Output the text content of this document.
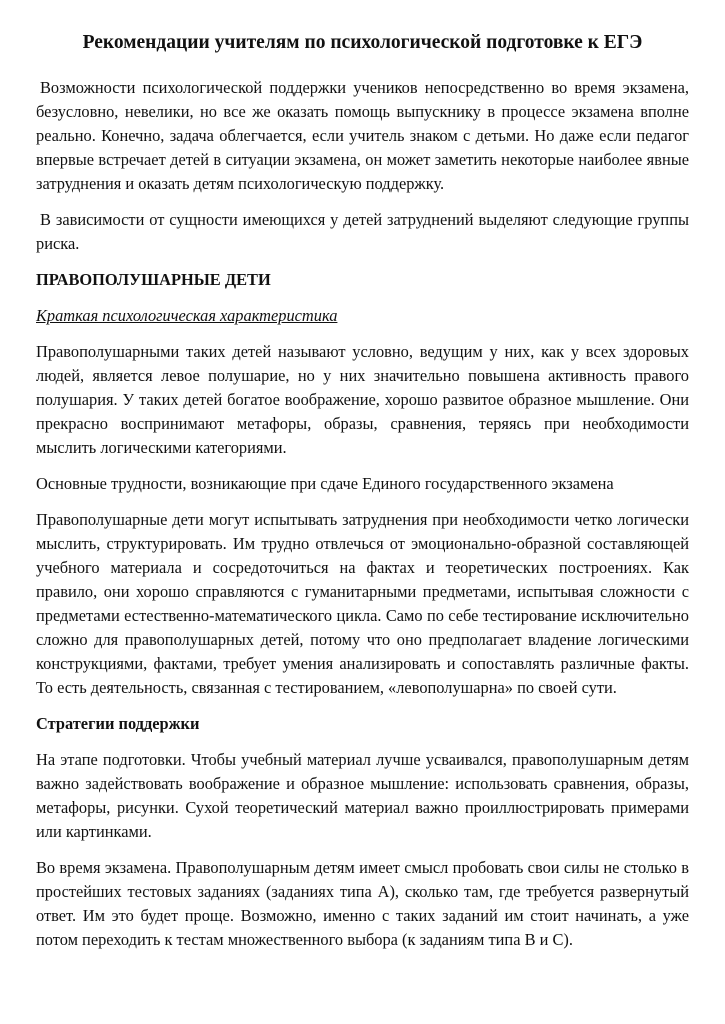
Рекомендации учителям по психологической подготовке к ЕГЭ

Возможности психологической поддержки учеников непосредственно во время экзамена, безусловно, невелики, но все же оказать помощь выпускнику в процессе экзамена вполне реально. Конечно, задача облегчается, если учитель знаком с детьми. Но даже если педагог впервые встречает детей в ситуации экзамена, он может заметить некоторые наиболее явные затруднения и оказать детям психологическую поддержку.

В зависимости от сущности имеющихся у детей затруднений выделяют следующие группы риска.

ПРАВОПОЛУШАРНЫЕ ДЕТИ
Краткая психологическая характеристика

Правополушарными таких детей называют условно, ведущим у них, как у всех здоровых людей, является левое полушарие, но у них значительно повышена активность правого полушария. У таких детей богатое воображение, хорошо развитое образное мышление. Они прекрасно воспринимают метафоры, образы, сравнения, теряясь при необходимости мыслить логическими категориями.

Основные трудности, возникающие при сдаче Единого государственного экзамена

Правополушарные дети могут испытывать затруднения при необходимости четко логически мыслить, структурировать. Им трудно отвлечься от эмоционально-образной составляющей учебного материала и сосредоточиться на фактах и теоретических построениях. Как правило, они хорошо справляются с гуманитарными предметами, испытывая сложности с предметами естественно-математического цикла. Само по себе тестирование исключительно сложно для правополушарных детей, потому что оно предполагает владение логическими конструкциями, фактами, требует умения анализировать и сопоставлять различные факты. То есть деятельность, связанная с тестированием, «левополушарна» по своей сути.

Стратегии поддержки

На этапе подготовки. Чтобы учебный материал лучше усваивался, правополушарным детям важно задействовать воображение и образное мышление: использовать сравнения, образы, метафоры, рисунки. Сухой теоретический материал важно проиллюстрировать примерами или картинками.

Во время экзамена. Правополушарным детям имеет смысл пробовать свои силы не столько в простейших тестовых заданиях (заданиях типа А), сколько там, где требуется развернутый ответ. Им это будет проще. Возможно, именно с таких заданий им стоит начинать, а уже потом переходить к тестам множественного выбора (к заданиям типа В и С).
